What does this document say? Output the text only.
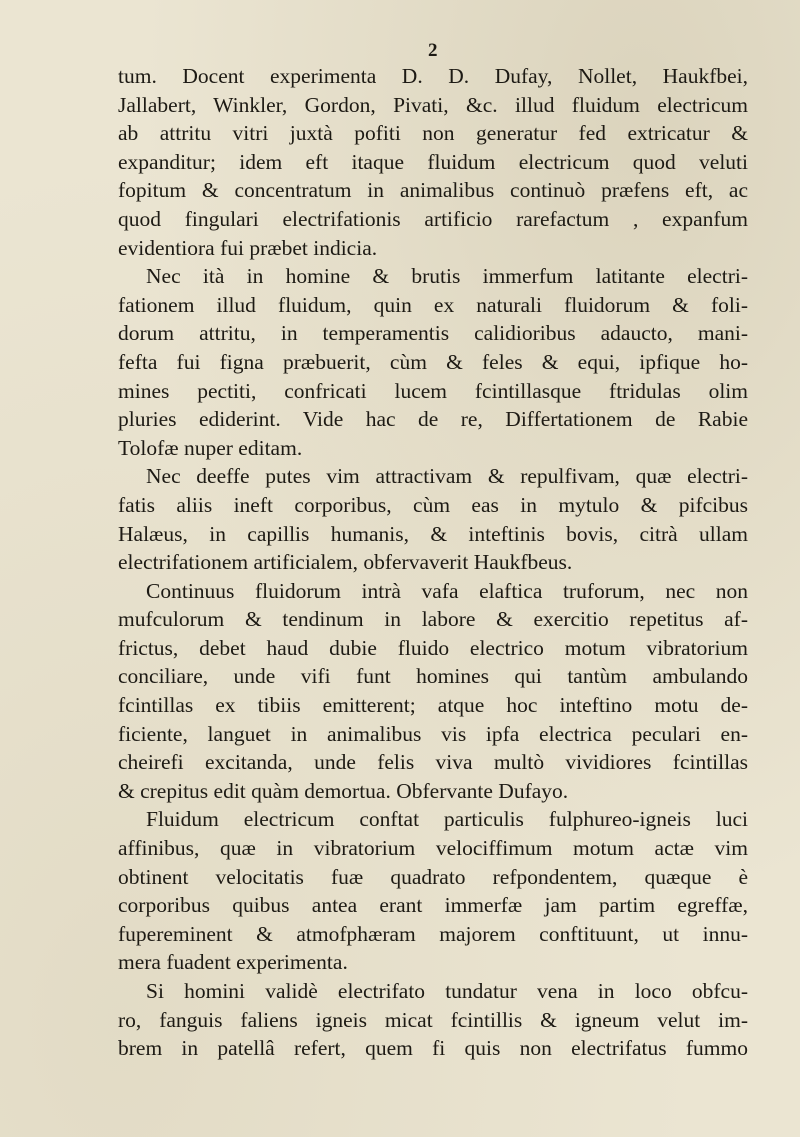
2
tum. Docent experimenta D. D. Dufay, Nollet, Haukfbei,
Jallabert, Winkler, Gordon, Pivati, &c. illud fluidum electricum
ab attritu vitri juxtà pofiti non generatur fed extricatur &
expanditur; idem eft itaque fluidum electricum quod veluti
fopitum & concentratum in animalibus continuò præfens eft, ac
quod fingulari electrifationis artificio rarefactum , expanfum
evidentiora fui præbet indicia.
Nec ità in homine & brutis immerfum latitante electri-
fationem illud fluidum, quin ex naturali fluidorum & foli-
dorum attritu, in temperamentis calidioribus adaucto, mani-
fefta fui figna præbuerit, cùm & feles & equi, ipfique ho-
mines pectiti, confricati lucem fcintillasque ftridulas olim
pluries ediderint. Vide hac de re, Differtationem de Rabie
Tolofæ nuper editam.
Nec deeffe putes vim attractivam & repulfivam, quæ electri-
fatis aliis ineft corporibus, cùm eas in mytulo & pifcibus
Halæus, in capillis humanis, & inteftinis bovis, citrà ullam
electrifationem artificialem, obfervaverit Haukfbeus.
Continuus fluidorum intrà vafa elaftica truforum, nec non
mufculorum & tendinum in labore & exercitio repetitus af-
frictus, debet haud dubie fluido electrico motum vibratorium
conciliare, unde vifi funt homines qui tantùm ambulando
fcintillas ex tibiis emitterent; atque hoc inteftino motu de-
ficiente, languet in animalibus vis ipfa electrica peculari en-
cheirefi excitanda, unde felis viva multò vividiores fcintillas
& crepitus edit quàm demortua. Obfervante Dufayo.
Fluidum electricum conftat particulis fulphureo-igneis luci
affinibus, quæ in vibratorium velociffimum motum actæ vim
obtinent velocitatis fuæ quadrato refpondentem, quæque è
corporibus quibus antea erant immerfæ jam partim egreffæ,
fupereminent & atmofphæram majorem conftituunt, ut innu-
mera fuadent experimenta.
Si homini validè electrifato tundatur vena in loco obfcu-
ro, fanguis faliens igneis micat fcintillis & igneum velut im-
brem in patellâ refert, quem fi quis non electrifatus fummo
